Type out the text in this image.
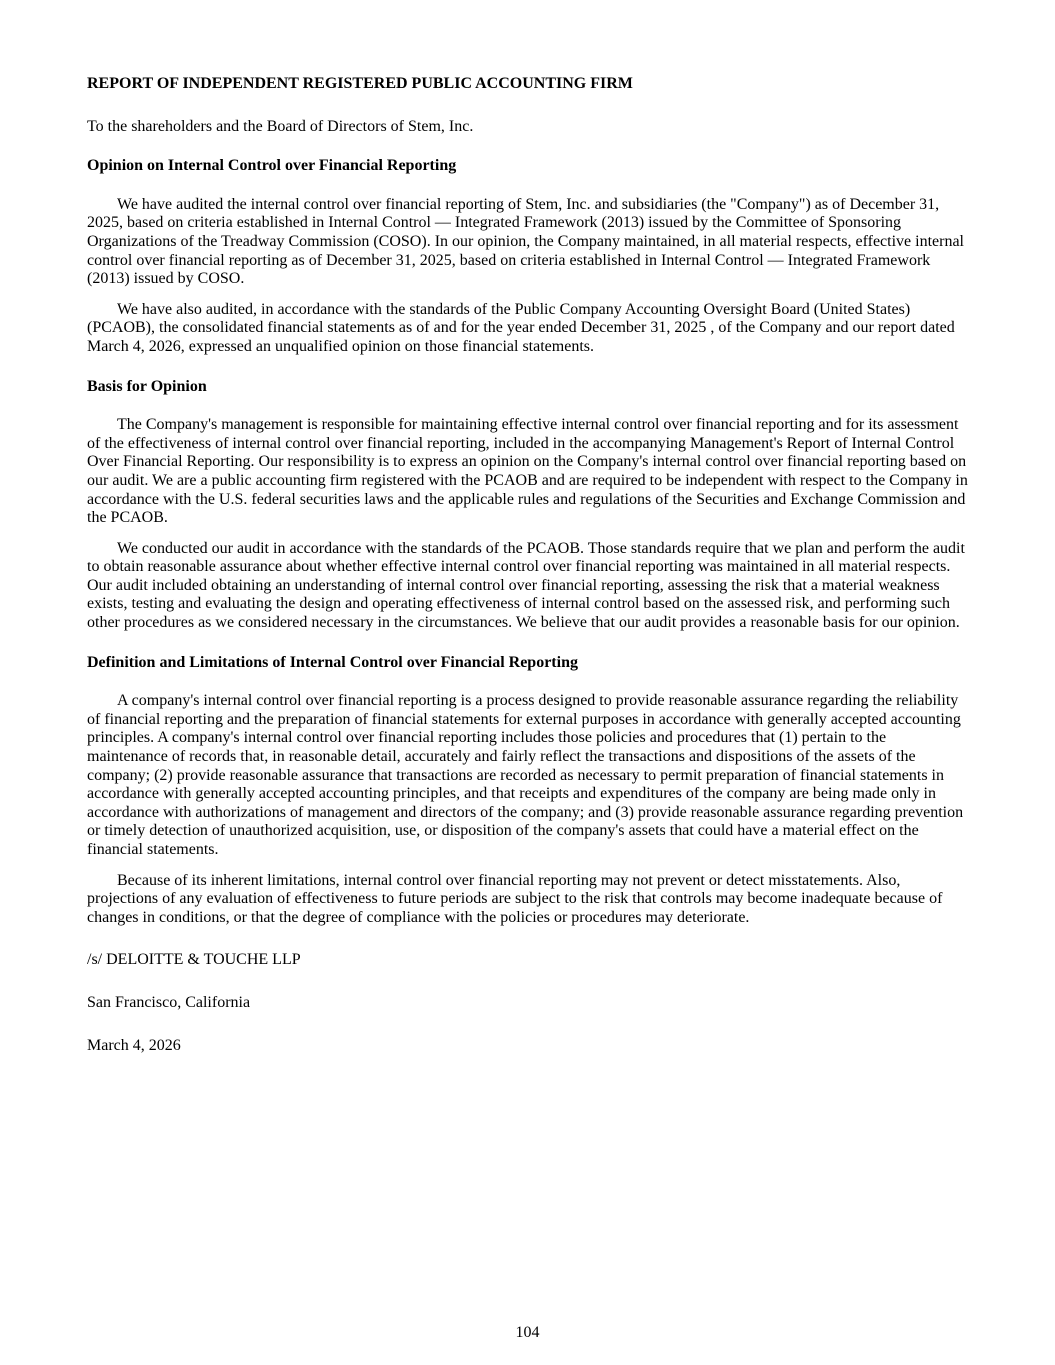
REPORT OF INDEPENDENT REGISTERED PUBLIC ACCOUNTING FIRM

To the shareholders and the Board of Directors of Stem, Inc.

Opinion on Internal Control over Financial Reporting

We have audited the internal control over financial reporting of Stem, Inc. and subsidiaries (the "Company") as of December 31, 2025, based on criteria established in Internal Control — Integrated Framework (2013) issued by the Committee of Sponsoring Organizations of the Treadway Commission (COSO). In our opinion, the Company maintained, in all material respects, effective internal control over financial reporting as of December 31, 2025, based on criteria established in Internal Control — Integrated Framework (2013) issued by COSO.

We have also audited, in accordance with the standards of the Public Company Accounting Oversight Board (United States) (PCAOB), the consolidated financial statements as of and for the year ended December 31, 2025 , of the Company and our report dated March 4, 2026, expressed an unqualified opinion on those financial statements.

Basis for Opinion

The Company's management is responsible for maintaining effective internal control over financial reporting and for its assessment of the effectiveness of internal control over financial reporting, included in the accompanying Management's Report of Internal Control Over Financial Reporting. Our responsibility is to express an opinion on the Company's internal control over financial reporting based on our audit. We are a public accounting firm registered with the PCAOB and are required to be independent with respect to the Company in accordance with the U.S. federal securities laws and the applicable rules and regulations of the Securities and Exchange Commission and the PCAOB.

We conducted our audit in accordance with the standards of the PCAOB. Those standards require that we plan and perform the audit to obtain reasonable assurance about whether effective internal control over financial reporting was maintained in all material respects. Our audit included obtaining an understanding of internal control over financial reporting, assessing the risk that a material weakness exists, testing and evaluating the design and operating effectiveness of internal control based on the assessed risk, and performing such other procedures as we considered necessary in the circumstances. We believe that our audit provides a reasonable basis for our opinion.

Definition and Limitations of Internal Control over Financial Reporting

A company's internal control over financial reporting is a process designed to provide reasonable assurance regarding the reliability of financial reporting and the preparation of financial statements for external purposes in accordance with generally accepted accounting principles. A company's internal control over financial reporting includes those policies and procedures that (1) pertain to the maintenance of records that, in reasonable detail, accurately and fairly reflect the transactions and dispositions of the assets of the company; (2) provide reasonable assurance that transactions are recorded as necessary to permit preparation of financial statements in accordance with generally accepted accounting principles, and that receipts and expenditures of the company are being made only in accordance with authorizations of management and directors of the company; and (3) provide reasonable assurance regarding prevention or timely detection of unauthorized acquisition, use, or disposition of the company's assets that could have a material effect on the financial statements.

Because of its inherent limitations, internal control over financial reporting may not prevent or detect misstatements. Also, projections of any evaluation of effectiveness to future periods are subject to the risk that controls may become inadequate because of changes in conditions, or that the degree of compliance with the policies or procedures may deteriorate.

/s/ DELOITTE & TOUCHE LLP

San Francisco, California

March 4, 2026

104
